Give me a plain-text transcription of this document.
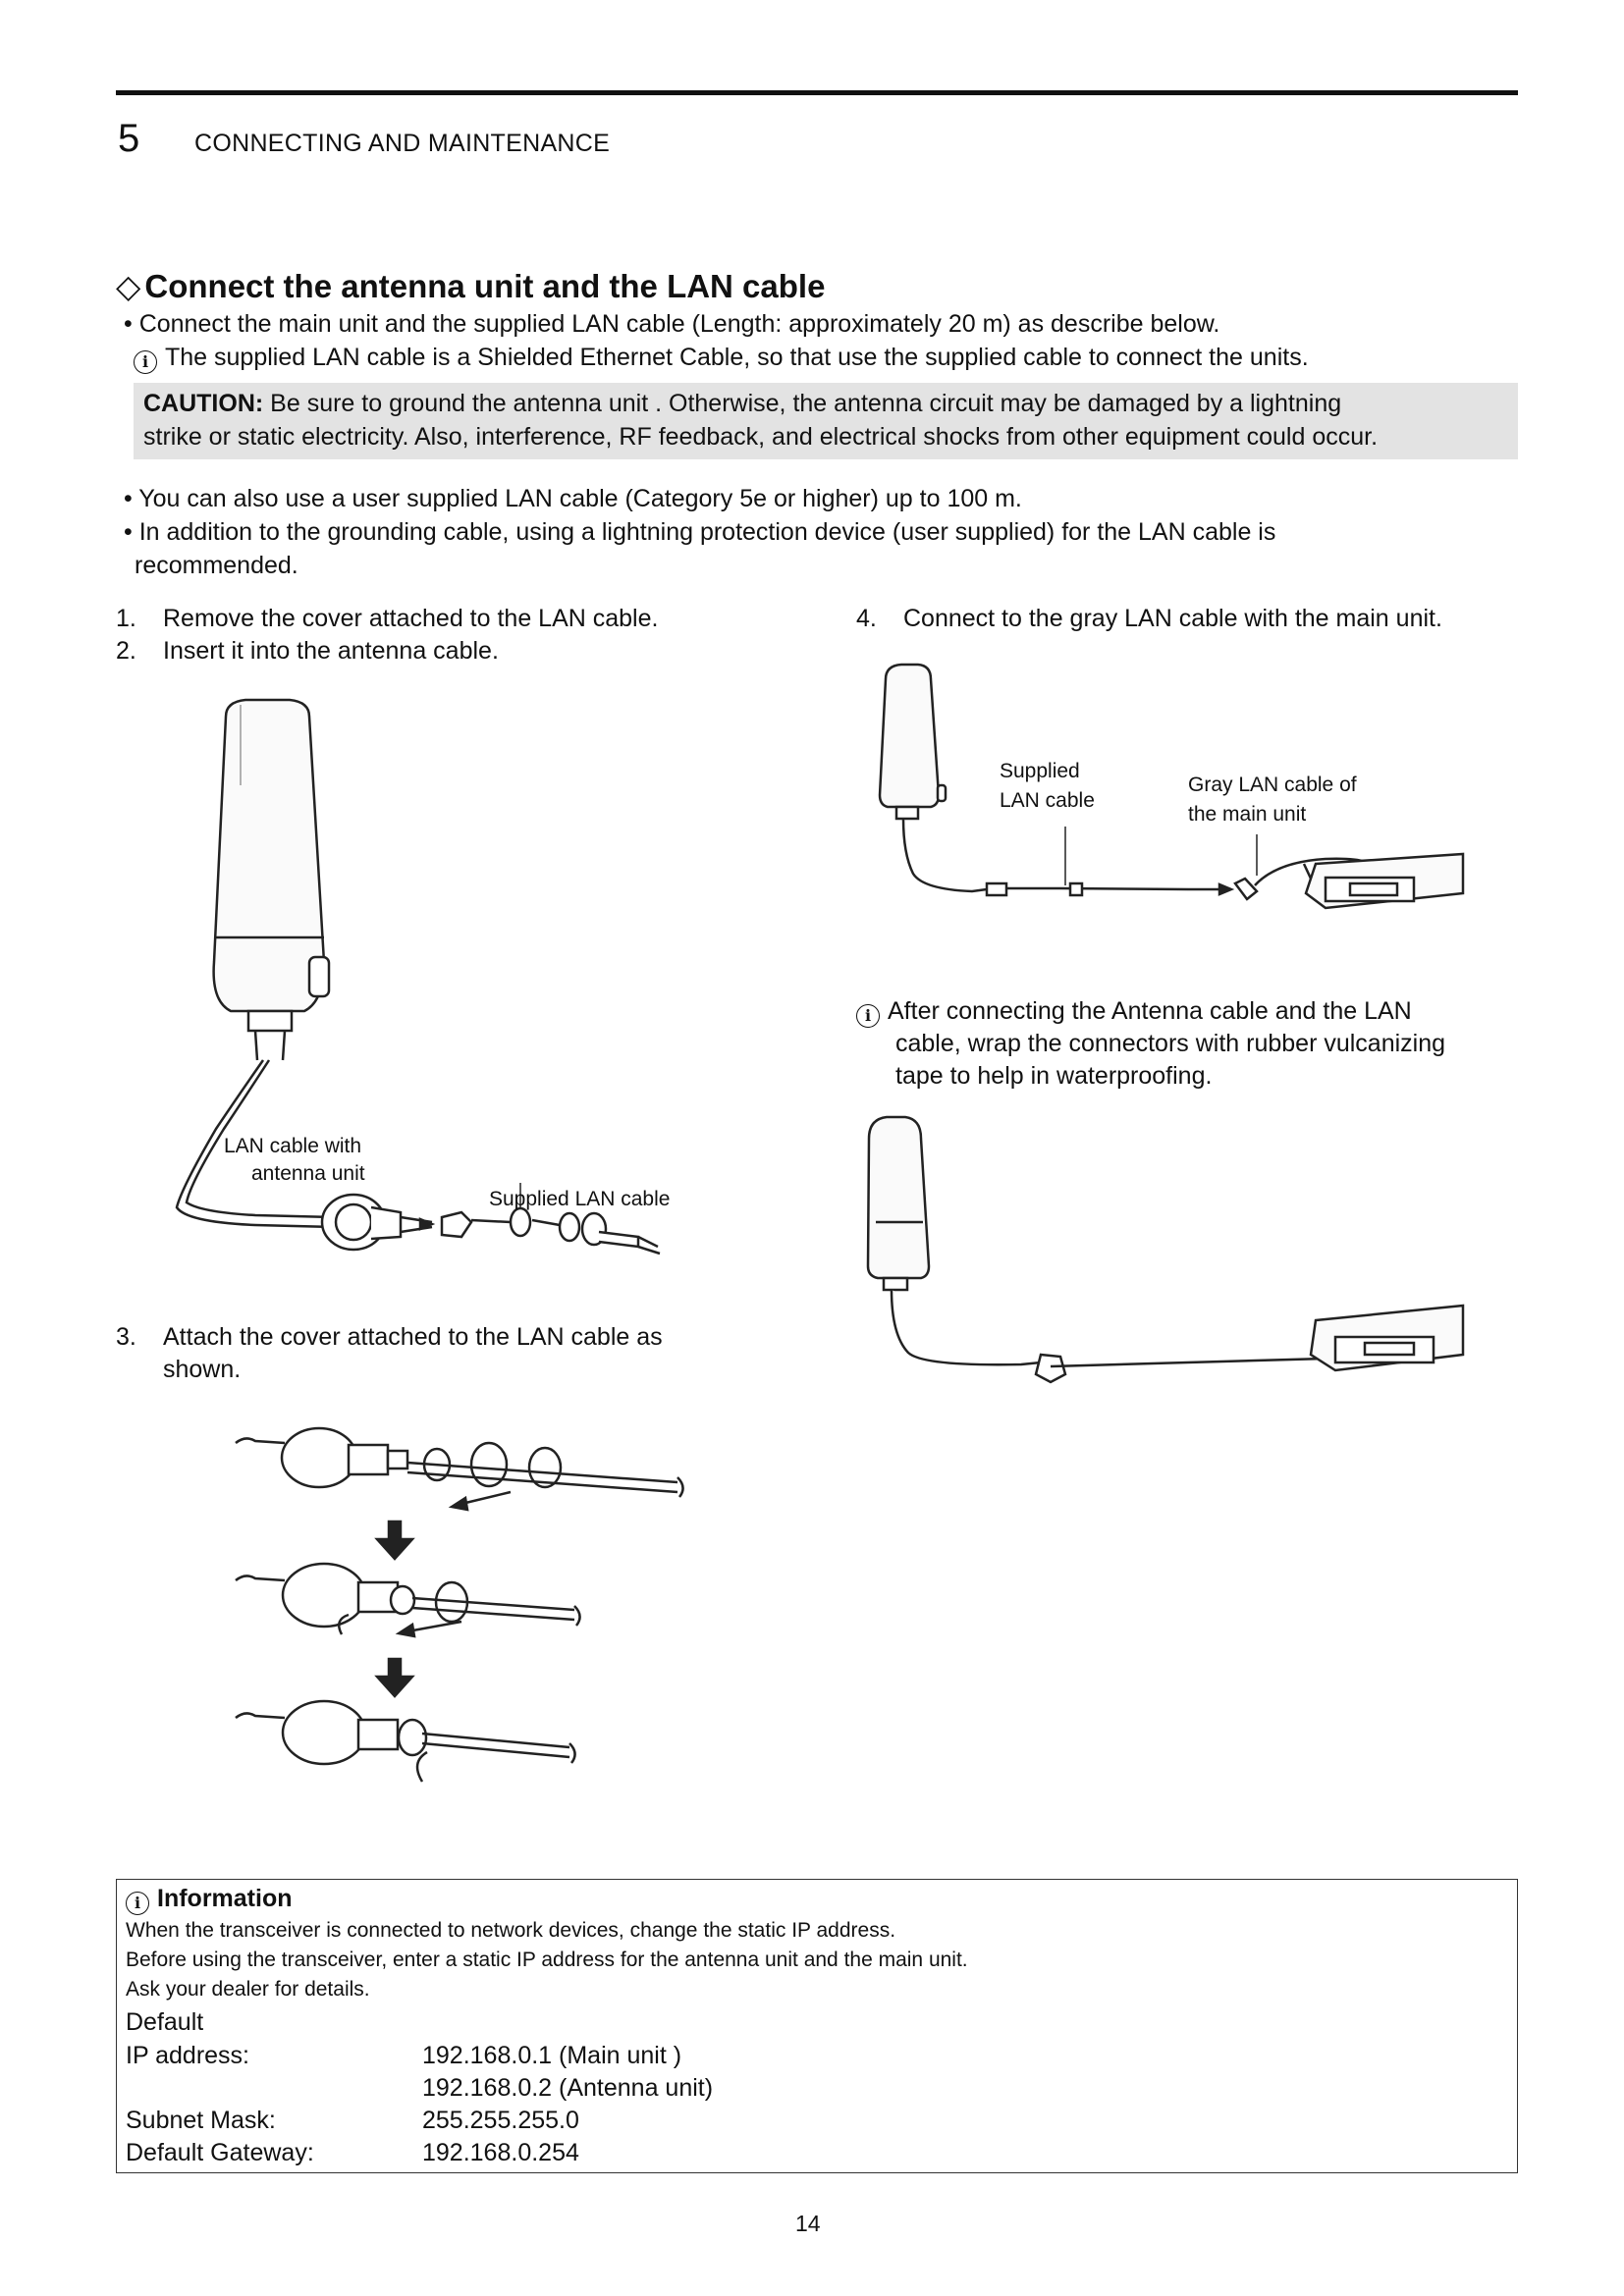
5 CONNECTING AND MAINTENANCE
◇ Connect the antenna unit and the LAN cable
• Connect the main unit and the supplied LAN cable (Length: approximately 20 m) as describe below.
i The supplied LAN cable is a Shielded Ethernet Cable, so that use the supplied cable to connect the units.
CAUTION: Be sure to ground the antenna unit . Otherwise, the antenna circuit may be damaged by a lightning
strike or static electricity. Also, interference, RF feedback, and electrical shocks from other equipment could occur.
• You can also use a user supplied LAN cable (Category 5e or higher) up to 100 m.
• In addition to the grounding cable, using a lightning protection device (user supplied) for the LAN cable is
recommended.
1. Remove the cover attached to the LAN cable.
2. Insert it into the antenna cable.
4. Connect to the gray LAN cable with the main unit.
3. Attach the cover attached to the LAN cable as
shown.
LAN cable with
antenna unit
Supplied LAN cable
Supplied
LAN cable
Gray LAN cable of
the main unit
i After connecting the Antenna cable and the LAN
cable, wrap the connectors with rubber vulcanizing
tape to help in waterproofing.
i Information
When the transceiver is connected to network devices, change the static IP address.
Before using the transceiver, enter a static IP address for the antenna unit and the main unit.
Ask your dealer for details.
Default
IP address:	192.168.0.1 (Main unit )
192.168.0.2 (Antenna unit)
Subnet Mask:	255.255.255.0
Default Gateway:	192.168.0.254
14
